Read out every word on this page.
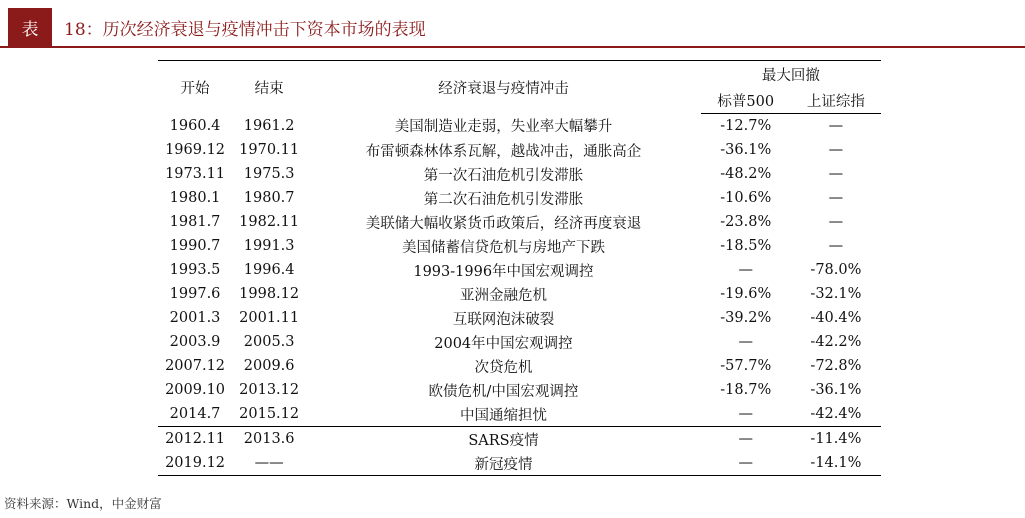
表	18：历次经济衰退与疫情冲击下资本市场的表现
开始	结束	经济衰退与疫情冲击	最大回撤	
			标普500	上证综指
1960.4	1961.2	美国制造业走弱，失业率大幅攀升	-12.7%	—
1969.12	1970.11	布雷顿森林体系瓦解，越战冲击，通胀高企	-36.1%	—
1973.11	1975.3	第一次石油危机引发滞胀	-48.2%	—
1980.1	1980.7	第二次石油危机引发滞胀	-10.6%	—
1981.7	1982.11	美联储大幅收紧货币政策后，经济再度衰退	-23.8%	—
1990.7	1991.3	美国储蓄信贷危机与房地产下跌	-18.5%	—
1993.5	1996.4	1993-1996年中国宏观调控	—	-78.0%
1997.6	1998.12	亚洲金融危机	-19.6%	-32.1%
2001.3	2001.11	互联网泡沫破裂	-39.2%	-40.4%
2003.9	2005.3	2004年中国宏观调控	—	-42.2%
2007.12	2009.6	次贷危机	-57.7%	-72.8%
2009.10	2013.12	欧债危机/中国宏观调控	-18.7%	-36.1%
2014.7	2015.12	中国通缩担忧	—	-42.4%
2012.11	2013.6	SARS疫情	—	-11.4%
2019.12	——	新冠疫情	—	-14.1%
资料来源：Wind，中金财富
